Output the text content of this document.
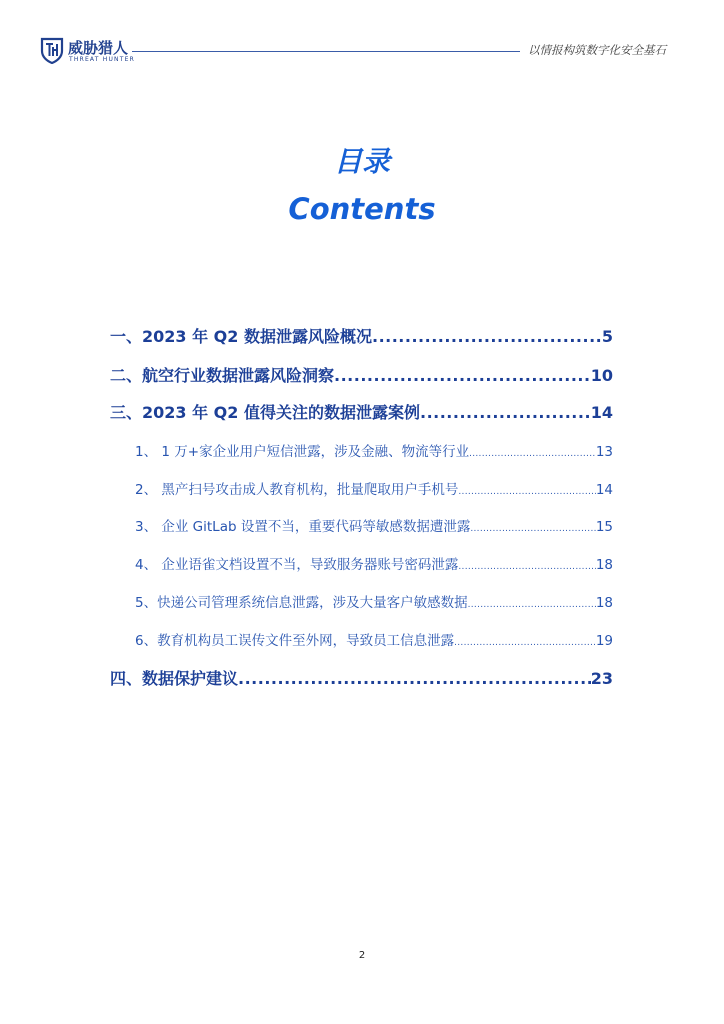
威胁猎人
THREAT HUNTER
以情报构筑数字化安全基石
目录
Contents
一、2023 年 Q2 数据泄露风险概况 .....	5
二、航空行业数据泄露风险洞察 .....	10
三、2023 年 Q2 值得关注的数据泄露案例 .....	14
1、 1 万+家企业用户短信泄露，涉及金融、物流等行业 .....	13
2、 黑产扫号攻击成人教育机构，批量爬取用户手机号 .....	14
3、 企业 GitLab 设置不当，重要代码等敏感数据遭泄露 .....	15
4、 企业语雀文档设置不当，导致服务器账号密码泄露 .....	18
5、快递公司管理系统信息泄露，涉及大量客户敏感数据 .....	18
6、教育机构员工误传文件至外网，导致员工信息泄露 .....	19
四、数据保护建议 .....	23
2
